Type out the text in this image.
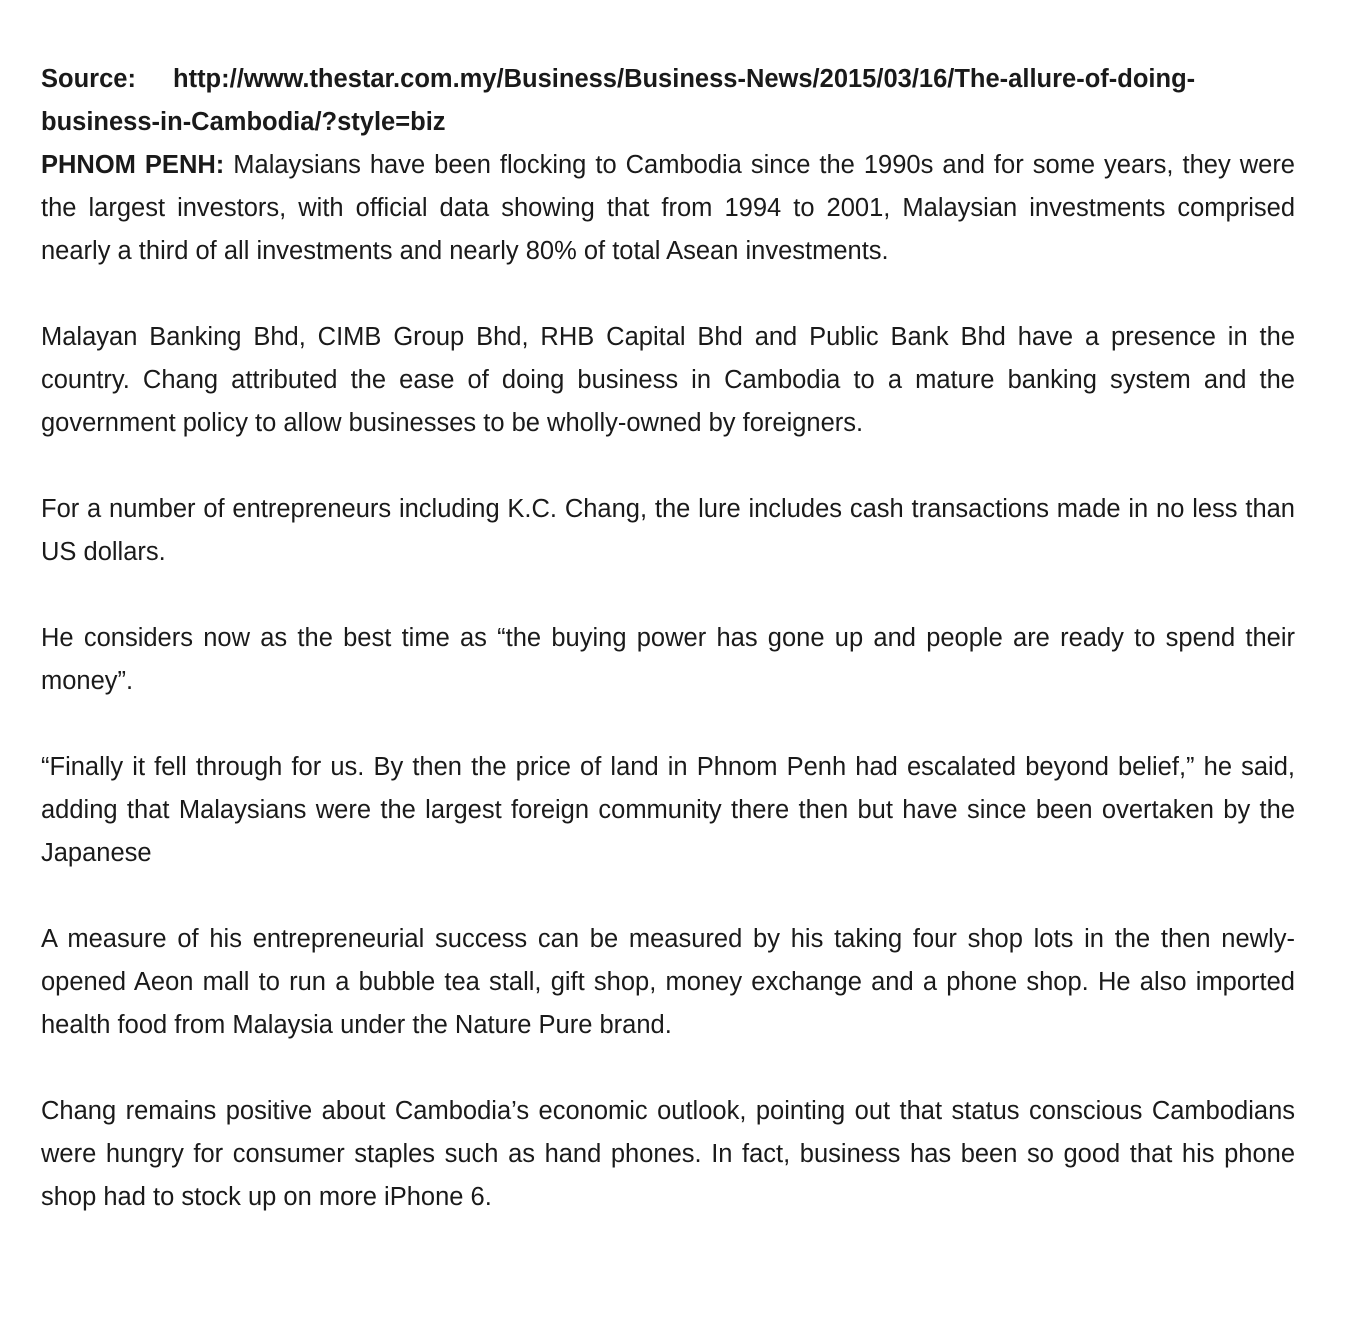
Source:	http://www.thestar.com.my/Business/Business-News/2015/03/16/The-allure-of-doing-
business-in-Cambodia/?style=biz

PHNOM PENH: Malaysians have been flocking to Cambodia since the 1990s and for some years, they were the largest investors, with official data showing that from 1994 to 2001, Malaysian investments comprised nearly a third of all investments and nearly 80% of total Asean investments.

Malayan Banking Bhd, CIMB Group Bhd, RHB Capital Bhd and Public Bank Bhd have a presence in the country. Chang attributed the ease of doing business in Cambodia to a mature banking system and the government policy to allow businesses to be wholly-owned by foreigners.

For a number of entrepreneurs including K.C. Chang, the lure includes cash transactions made in no less than US dollars.

He considers now as the best time as “the buying power has gone up and people are ready to spend their money”.

“Finally it fell through for us. By then the price of land in Phnom Penh had escalated beyond belief,” he said, adding that Malaysians were the largest foreign community there then but have since been overtaken by the Japanese

A measure of his entrepreneurial success can be measured by his taking four shop lots in the then newly-opened Aeon mall to run a bubble tea stall, gift shop, money exchange and a phone shop. He also imported health food from Malaysia under the Nature Pure brand.

Chang remains positive about Cambodia’s economic outlook, pointing out that status conscious Cambodians were hungry for consumer staples such as hand phones. In fact, business has been so good that his phone shop had to stock up on more iPhone 6.
